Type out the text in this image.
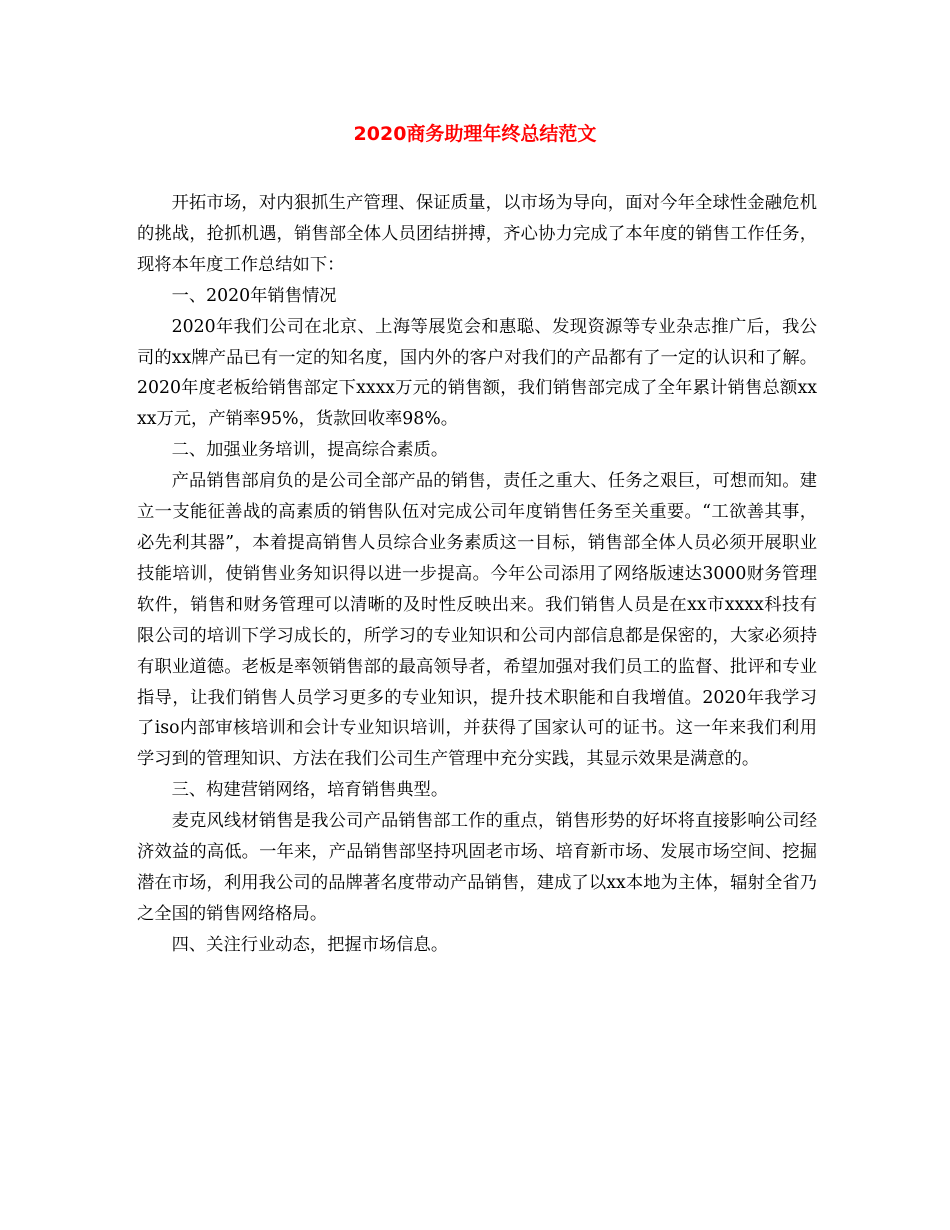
2020商务助理年终总结范文

开拓市场，对内狠抓生产管理、保证质量，以市场为导向，面对今年全球性金融危机的挑战，抢抓机遇，销售部全体人员团结拼搏，齐心协力完成了本年度的销售工作任务，现将本年度工作总结如下：

一、2020年销售情况

2020年我们公司在北京、上海等展览会和惠聪、发现资源等专业杂志推广后，我公司的xx牌产品已有一定的知名度，国内外的客户对我们的产品都有了一定的认识和了解。2020年度老板给销售部定下xxxx万元的销售额，我们销售部完成了全年累计销售总额xxxx万元，产销率95%，货款回收率98%。

二、加强业务培训，提高综合素质。

产品销售部肩负的是公司全部产品的销售，责任之重大、任务之艰巨，可想而知。建立一支能征善战的高素质的销售队伍对完成公司年度销售任务至关重要。“工欲善其事，必先利其器”，本着提高销售人员综合业务素质这一目标，销售部全体人员必须开展职业技能培训，使销售业务知识得以进一步提高。今年公司添用了网络版速达3000财务管理软件，销售和财务管理可以清晰的及时性反映出来。我们销售人员是在xx市xxxx科技有限公司的培训下学习成长的，所学习的专业知识和公司内部信息都是保密的，大家必须持有职业道德。老板是率领销售部的最高领导者，希望加强对我们员工的监督、批评和专业指导，让我们销售人员学习更多的专业知识，提升技术职能和自我增值。2020年我学习了iso内部审核培训和会计专业知识培训，并获得了国家认可的证书。这一年来我们利用学习到的管理知识、方法在我们公司生产管理中充分实践，其显示效果是满意的。

三、构建营销网络，培育销售典型。

麦克风线材销售是我公司产品销售部工作的重点，销售形势的好坏将直接影响公司经济效益的高低。一年来，产品销售部坚持巩固老市场、培育新市场、发展市场空间、挖掘潜在市场，利用我公司的品牌著名度带动产品销售，建成了以xx本地为主体，辐射全省乃之全国的销售网络格局。

四、关注行业动态，把握市场信息。
